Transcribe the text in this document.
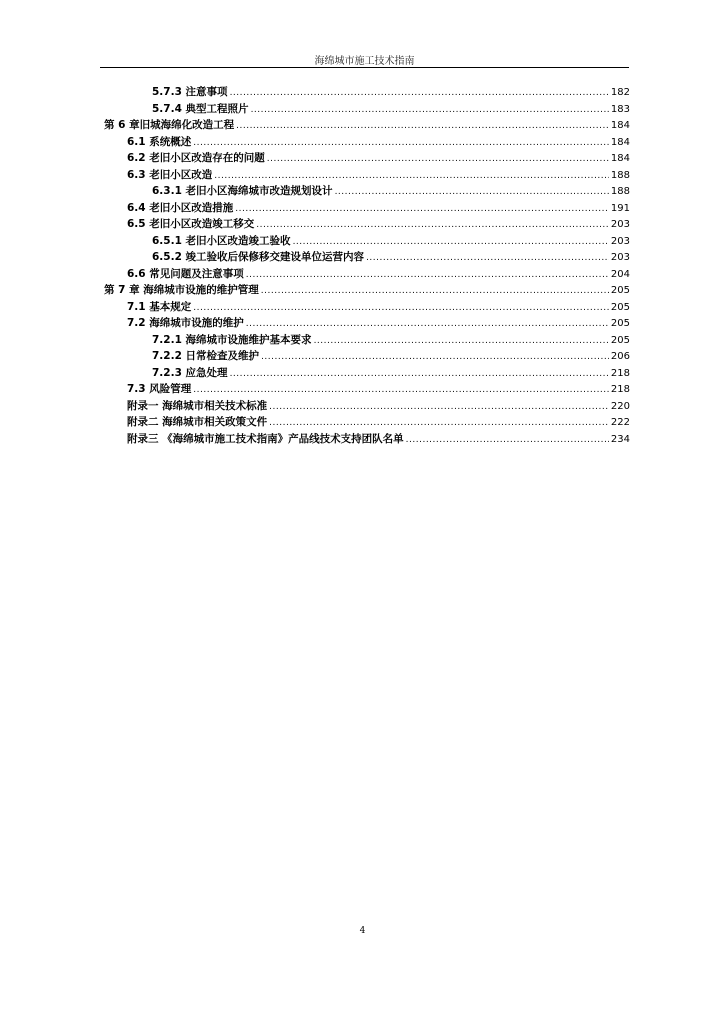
海绵城市施工技术指南
5.7.3 注意事项 .....	182
5.7.4 典型工程照片 .....	183
第 6 章旧城海绵化改造工程 .....	184
6.1 系统概述 .....	184
6.2 老旧小区改造存在的问题 .....	184
6.3 老旧小区改造 .....	188
6.3.1 老旧小区海绵城市改造规划设计 .....	188
6.4 老旧小区改造措施 .....	191
6.5 老旧小区改造竣工移交 .....	203
6.5.1 老旧小区改造竣工验收 .....	203
6.5.2 竣工验收后保修移交建设单位运营内容 .....	203
6.6 常见问题及注意事项 .....	204
第 7 章 海绵城市设施的维护管理 .....	205
7.1 基本规定 .....	205
7.2 海绵城市设施的维护 .....	205
7.2.1 海绵城市设施维护基本要求 .....	205
7.2.2 日常检查及维护 .....	206
7.2.3 应急处理 .....	218
7.3 风险管理 .....	218
附录一 海绵城市相关技术标准 .....	220
附录二 海绵城市相关政策文件 .....	222
附录三 《海绵城市施工技术指南》产品线技术支持团队名单 .....	234
4
